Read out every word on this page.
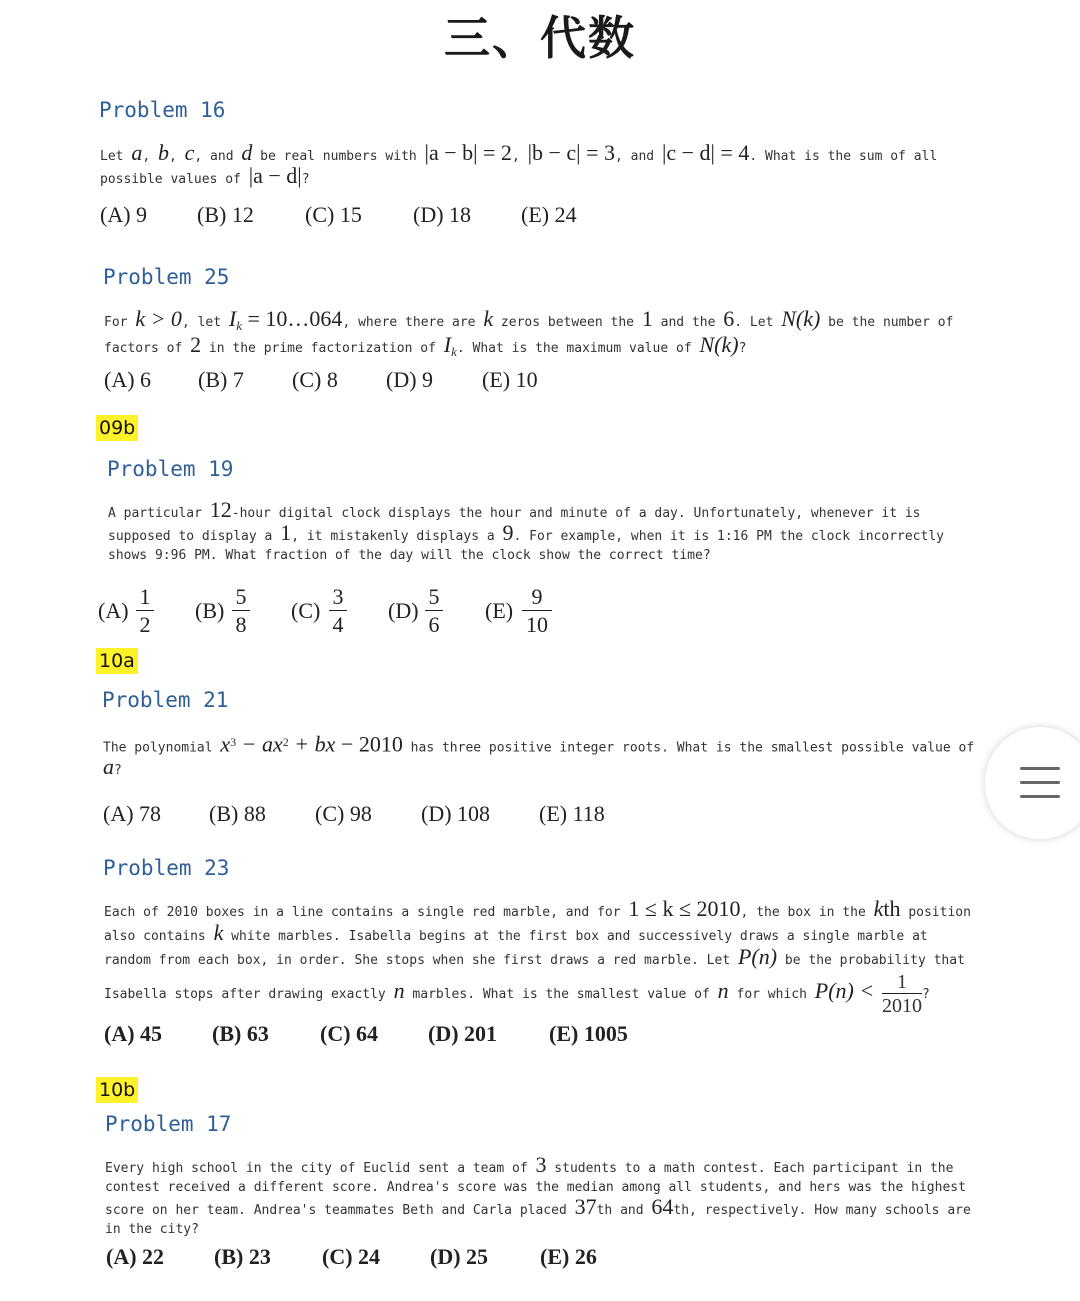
三、代数
Problem 16
Let a, b, c, and d be real numbers with |a − b| = 2, |b − c| = 3, and |c − d| = 4. What is the sum of all possible values of |a − d|?
(A) 9 (B) 12 (C) 15 (D) 18 (E) 24
Problem 25
For k > 0, let Ik = 10…064, where there are k zeros between the 1 and the 6. Let N(k) be the number of factors of 2 in the prime factorization of Ik. What is the maximum value of N(k)?
(A) 6 (B) 7 (C) 8 (D) 9 (E) 10
09b
Problem 19
A particular 12-hour digital clock displays the hour and minute of a day. Unfortunately, whenever it is supposed to display a 1, it mistakenly displays a 9. For example, when it is 1:16 PM the clock incorrectly shows 9:96 PM. What fraction of the day will the clock show the correct time?
$(A) \frac{1}{2} (B) \frac{5}{8} (C) \frac{3}{4} (D) \frac{5}{6} (E) \frac{9}{10}$
10a
Problem 21
The polynomial $x^3 - ax^2$ + bx − 2010 has three positive integer roots. What is the smallest possible value of a?
(A) 78 (B) 88 (C) 98 (D) 108 (E) 118
Problem 23
Each of 2010 boxes in a line contains a single red marble, and for 1 ≤ k ≤ 2010, the box in the kth position also contains k white marbles. Isabella begins at the first box and successively draws a single marble at random from each box, in order. She stops when she first draws a red marble. Let P(n) be the probability that Isabella stops after drawing exactly n marbles. What is the smallest value of n for which $P(n) < \frac{1}{2010}$ ?
(A) 45 (B) 63 (C) 64 (D) 201 (E) 1005
10b
Problem 17
Every high school in the city of Euclid sent a team of 3 students to a math contest. Each participant in the contest received a different score. Andrea's score was the median among all students, and hers was the highest score on her team. Andrea's teammates Beth and Carla placed 37th and 64th, respectively. How many schools are in the city?
(A) 22 (B) 23 (C) 24 (D) 25 (E) 26
